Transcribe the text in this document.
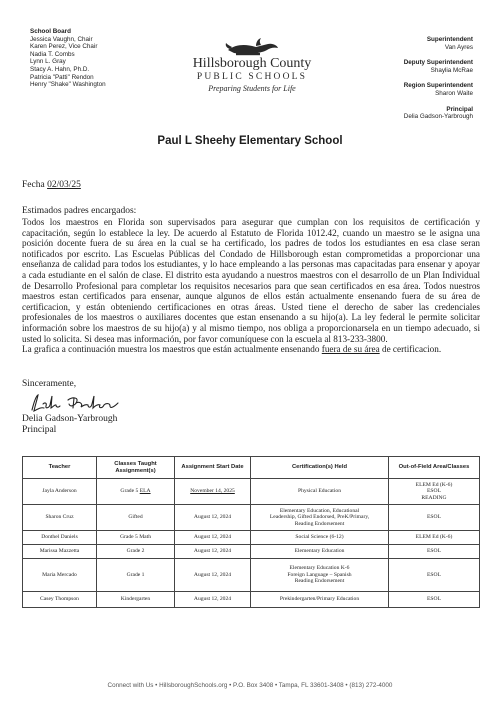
School Board
Jessica Vaughn, Chair
Karen Perez, Vice Chair
Nadia T. Combs
Lynn L. Gray
Stacy A. Hahn, Ph.D.
Patricia "Patti" Rendon
Henry "Shake" Washington
Hillsborough County
PUBLIC SCHOOLS
Preparing Students for Life
Superintendent
Van Ayres
Deputy Superintendent
Shaylia McRae
Region Superintendent
Sharon Waite
Principal
Delia Gadson-Yarbrough
Paul L Sheehy Elementary School
Fecha 02/03/25
Estimados padres encargados:
Todos los maestros en Florida son supervisados para asegurar que cumplan con los requisitos de certificación y capacitación, según lo establece la ley. De acuerdo al Estatuto de Florida 1012.42, cuando un maestro se le asigna una posición docente fuera de su área en la cual se ha certificado, los padres de todos los estudiantes en esa clase seran notificados por escrito. Las Escuelas Públicas del Condado de Hillsborough estan comprometidas a proporcionar una enseñanza de calidad para todos los estudiantes, y lo hace empleando a las personas mas capacitadas para ensenar y apoyar a cada estudiante en el salón de clase. El distrito esta ayudando a nuestros maestros con el desarrollo de un Plan Individual de Desarrollo Profesional para completar los requisitos necesarios para que sean certificados en esa área. Todos nuestros maestros estan certificados para ensenar, aunque algunos de ellos están actualmente ensenando fuera de su área de certificacion, y están obteniendo certificaciones en otras áreas. Usted tiene el derecho de saber las credenciales profesionales de los maestros o auxiliares docentes que estan ensenando a su hijo(a). La ley federal le permite solicitar información sobre los maestros de su hijo(a) y al mismo tiempo, nos obliga a proporcionarsela en un tiempo adecuado, si usted lo solicita. Si desea mas información, por favor comuníquese con la escuela al 813-233-3800.
La grafica a continuación muestra los maestros que están actualmente ensenando fuera de su área de certificacion.
Sinceramente,
Delia Gadson-Yarbrough
Principal
Teacher	Classes Taught Assignment(s)	Assignment Start Date	Certification(s) Held	Out-of-Field Area/Classes
Jayla Anderson	Grade 5 ELA	November 14, 2025	Physical Education	ELEM Ed (K-6)
ESOL
READING

Sharon Cruz	Gifted	August 12, 2024	Elementary Education, Educational
Leadership, Gifted Endorsed, PreK/Primary,
Reading Endorsement	ESOL
Donthel Daniels	Grade 5 Math	August 12, 2024	Social Science (6-12)	ELEM Ed (K-6)
Marissa Mazzetta	Grade 2	August 12, 2024	Elementary Education	ESOL
Maria Mercado	Grade 1	August 12, 2024	Elementary Education K-6
Foreign Language – Spanish
Reading Endorsement	ESOL
Casey Thompson	Kindergarten	August 12, 2024	Prekindergarten/Primary Education	ESOL
Connect with Us • HillsboroughSchools.org • P.O. Box 3408 • Tampa, FL 33601-3408 • (813) 272-4000
